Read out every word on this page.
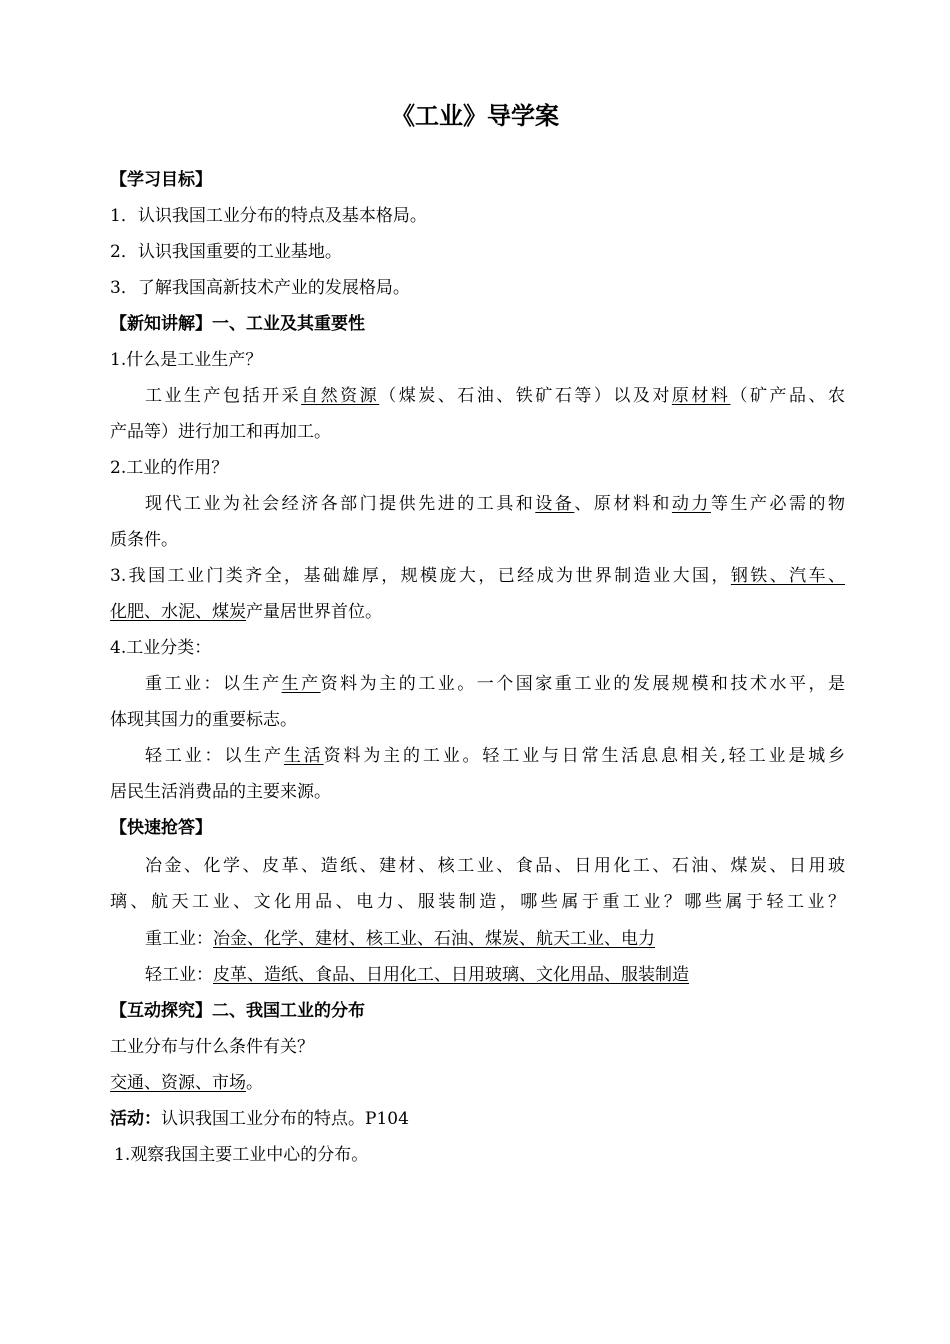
《工业》导学案
【学习目标】
1．认识我国工业分布的特点及基本格局。
2．认识我国重要的工业基地。
3．了解我国高新技术产业的发展格局。
【新知讲解】一、工业及其重要性
1.什么是工业生产？
工业生产包括开采自然资源（煤炭、石油、铁矿石等）以及对原材料（矿产品、农
产品等）进行加工和再加工。
2.工业的作用？
现代工业为社会经济各部门提供先进的工具和设备、原材料和动力等生产必需的物
质条件。
3.我国工业门类齐全，基础雄厚，规模庞大，已经成为世界制造业大国，钢铁、汽车、
化肥、水泥、煤炭产量居世界首位。
4.工业分类：
重工业：以生产生产资料为主的工业。一个国家重工业的发展规模和技术水平，是
体现其国力的重要标志。
轻工业：以生产生活资料为主的工业。轻工业与日常生活息息相关,轻工业是城乡
居民生活消费品的主要来源。
【快速抢答】
冶金、化学、皮革、造纸、建材、核工业、食品、日用化工、石油、煤炭、日用玻
璃、航天工业、文化用品、电力、服装制造，哪些属于重工业？哪些属于轻工业？
重工业：冶金、化学、建材、核工业、石油、煤炭、航天工业、电力
轻工业：皮革、造纸、食品、日用化工、日用玻璃、文化用品、服装制造
【互动探究】二、我国工业的分布
工业分布与什么条件有关？
交通、资源、市场。
活动：认识我国工业分布的特点。P104
1.观察我国主要工业中心的分布。
